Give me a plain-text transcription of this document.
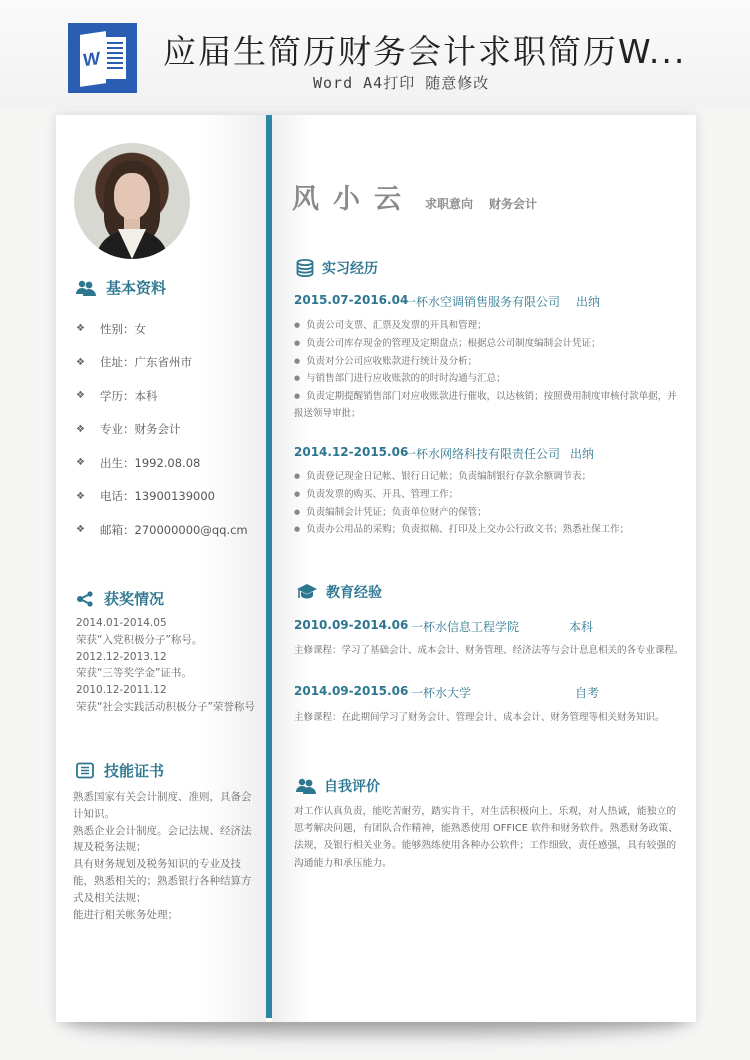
W 应届生简历财务会计求职简历W...
Word A4打印 随意修改
基本资料
❖	性别：女
❖	住址：广东省州市
❖	学历：本科
❖	专业：财务会计
❖	出生：1992.08.08
❖	电话：13900139000
❖	邮箱：270000000@qq.cm
获奖情况
2014.01-2014.05
荣获“入党积极分子”称号。
2012.12-2013.12
荣获“三等奖学金”证书。
2010.12-2011.12
荣获“社会实践活动积极分子”荣誉称号
技能证书
熟悉国家有关会计制度、准则，具备会计知识。
熟悉企业会计制度。会记法规、经济法规及税务法规；
具有财务规划及税务知识的专业及技能，熟悉相关的；熟悉银行各种结算方式及相关法规；
能进行相关帐务处理；
风小云 求职意向 财务会计
实习经历
2015.07-2016.04
一杯水空调销售服务有限公司 出纳
● 负责公司支票、汇票及发票的开具和管理；
● 负责公司库存现金的管理及定期盘点；根据总公司制度编制会计凭证；
● 负责对分公司应收账款进行统计及分析；
● 与销售部门进行应收账款的的时时沟通与汇总；
● 负责定期提醒销售部门对应收账款进行催收，以达核销；按照费用制度审核付款单据，并报送领导审批；
2014.12-2015.06
一杯水网络科技有限责任公司 出纳
● 负责登记现金日记帐、银行日记帐；负责编制银行存款余额调节表；
● 负责发票的购买、开具、管理工作；
● 负责编制会计凭证；负责单位财产的保管；
● 负责办公用品的采购；负责拟稿、打印及上交办公行政文书；熟悉社保工作；
教育经验
2010.09-2014.06 一杯水信息工程学院	本科
主修课程：学习了基础会计、成本会计、财务管理、经济法等与会计息息相关的各专业课程。
2014.09-2015.06 一杯水大学	自考
主修课程：在此期间学习了财务会计、管理会计、成本会计、财务管理等相关财务知识。
自我评价
对工作认真负责，能吃苦耐劳，踏实肯干，对生活积极向上、乐观，对人热诚，能独立的思考解决问题，有团队合作精神，能熟悉使用 OFFICE 软件和财务软件。熟悉财务政策、法规，及银行相关业务。能够熟练使用各种办公软件；工作细致，责任感强，具有较强的沟通能力和承压能力。
